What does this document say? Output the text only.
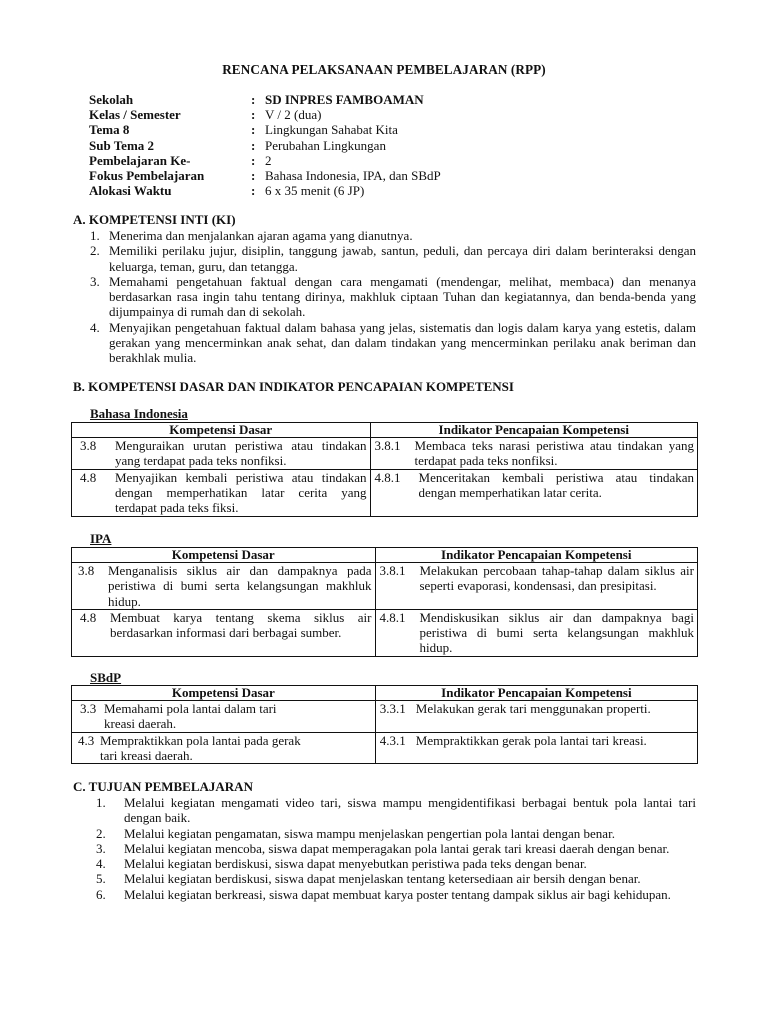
RENCANA PELAKSANAAN PEMBELAJARAN (RPP)
Sekolah	: SD INPRES FAMBOAMAN
Kelas / Semester	: V / 2 (dua)
Tema 8	: Lingkungan Sahabat Kita
Sub Tema 2	: Perubahan Lingkungan
Pembelajaran Ke-	: 2
Fokus Pembelajaran	: Bahasa Indonesia, IPA, dan SBdP
Alokasi Waktu	: 6 x 35 menit (6 JP)
A. KOMPETENSI INTI (KI)
1. Menerima dan menjalankan ajaran agama yang dianutnya.
2. Memiliki perilaku jujur, disiplin, tanggung jawab, santun, peduli, dan percaya diri dalam berinteraksi dengan keluarga, teman, guru, dan tetangga.
3. Memahami pengetahuan faktual dengan cara mengamati (mendengar, melihat, membaca) dan menanya berdasarkan rasa ingin tahu tentang dirinya, makhluk ciptaan Tuhan dan kegiatannya, dan benda-benda yang dijumpainya di rumah dan di sekolah.
4. Menyajikan pengetahuan faktual dalam bahasa yang jelas, sistematis dan logis dalam karya yang estetis, dalam gerakan yang mencerminkan anak sehat, dan dalam tindakan yang mencerminkan perilaku anak beriman dan berakhlak mulia.
B. KOMPETENSI DASAR DAN INDIKATOR PENCAPAIAN KOMPETENSI
Bahasa Indonesia
Kompetensi Dasar	Indikator Pencapaian Kompetensi

3.8 Menguraikan urutan peristiwa atau tindakan yang terdapat pada teks nonfiksi.	3.8.1 Membaca teks narasi peristiwa atau tindakan yang terdapat pada teks nonfiksi.

4.8 Menyajikan kembali peristiwa atau tindakan dengan memperhatikan latar cerita yang terdapat pada teks fiksi.	4.8.1 Menceritakan kembali peristiwa atau tindakan dengan memperhatikan latar cerita.
IPA
Kompetensi Dasar	Indikator Pencapaian Kompetensi

3.8 Menganalisis siklus air dan dampaknya pada peristiwa di bumi serta kelangsungan makhluk hidup.	3.8.1 Melakukan percobaan tahap-tahap dalam siklus air seperti evaporasi, kondensasi, dan presipitasi.

4.8 Membuat karya tentang skema siklus air berdasarkan informasi dari berbagai sumber.	4.8.1 Mendiskusikan siklus air dan dampaknya bagi peristiwa di bumi serta kelangsungan makhluk hidup.
SBdP
Kompetensi Dasar	Indikator Pencapaian Kompetensi

3.3 Memahami pola lantai dalam tari kreasi daerah.	3.3.1 Melakukan gerak tari menggunakan properti.

4.3 Mempraktikkan pola lantai pada gerak tari kreasi daerah.	4.3.1 Mempraktikkan gerak pola lantai tari kreasi.
C. TUJUAN PEMBELAJARAN
1.	Melalui kegiatan mengamati video tari, siswa mampu mengidentifikasi berbagai bentuk pola lantai tari dengan baik.
2.	Melalui kegiatan pengamatan, siswa mampu menjelaskan pengertian pola lantai dengan benar.
3.	Melalui kegiatan mencoba, siswa dapat memperagakan pola lantai gerak tari kreasi daerah dengan benar.
4.	Melalui kegiatan berdiskusi, siswa dapat menyebutkan peristiwa pada teks dengan benar.
5.	Melalui kegiatan berdiskusi, siswa dapat menjelaskan tentang ketersediaan air bersih dengan benar.
6.	Melalui kegiatan berkreasi, siswa dapat membuat karya poster tentang dampak siklus air bagi kehidupan.
